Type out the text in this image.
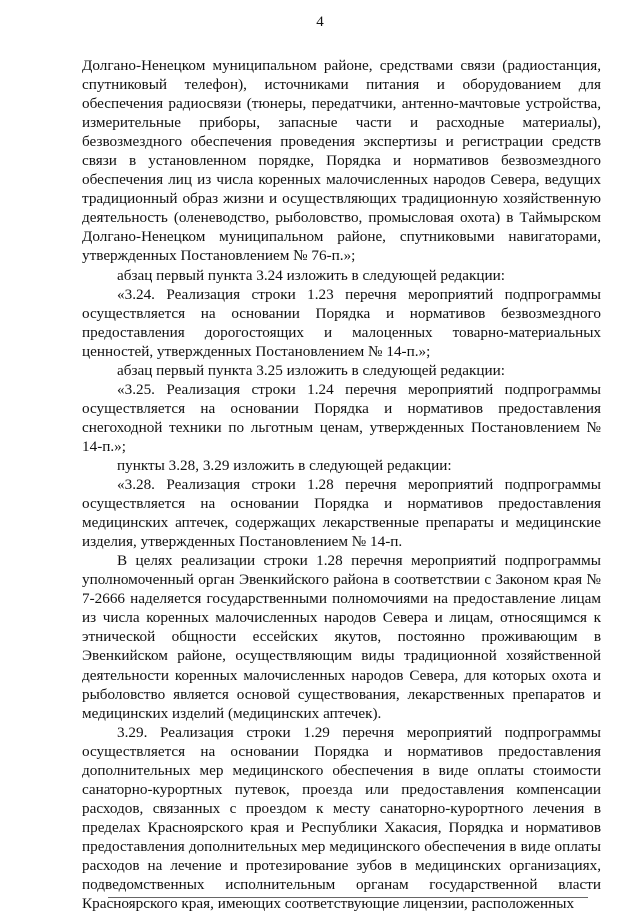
4

Долгано-Ненецком муниципальном районе, средствами связи (радиостанция, спутниковый телефон), источниками питания и оборудованием для обеспечения радиосвязи (тюнеры, передатчики, антенно-мачтовые устройства, измерительные приборы, запасные части и расходные материалы), безвозмездного обеспечения проведения экспертизы и регистрации средств связи в установленном порядке, Порядка и нормативов безвозмездного обеспечения лиц из числа коренных малочисленных народов Севера, ведущих традиционный образ жизни и осуществляющих традиционную хозяйственную деятельность (оленеводство, рыболовство, промысловая охота) в Таймырском Долгано-Ненецком муниципальном районе, спутниковыми навигаторами, утвержденных Постановлением № 76-п.»;

абзац первый пункта 3.24 изложить в следующей редакции:

«3.24. Реализация строки 1.23 перечня мероприятий подпрограммы осуществляется на основании Порядка и нормативов безвозмездного предоставления дорогостоящих и малоценных товарно-материальных ценностей, утвержденных Постановлением № 14-п.»;

абзац первый пункта 3.25 изложить в следующей редакции:

«3.25. Реализация строки 1.24 перечня мероприятий подпрограммы осуществляется на основании Порядка и нормативов предоставления снегоходной техники по льготным ценам, утвержденных Постановлением № 14-п.»;

пункты 3.28, 3.29 изложить в следующей редакции:

«3.28. Реализация строки 1.28 перечня мероприятий подпрограммы осуществляется на основании Порядка и нормативов предоставления медицинских аптечек, содержащих лекарственные препараты и медицинские изделия, утвержденных Постановлением № 14-п.

В целях реализации строки 1.28 перечня мероприятий подпрограммы уполномоченный орган Эвенкийского района в соответствии с Законом края № 7-2666 наделяется государственными полномочиями на предоставление лицам из числа коренных малочисленных народов Севера и лицам, относящимся к этнической общности ессейских якутов, постоянно проживающим в Эвенкийском районе, осуществляющим виды традиционной хозяйственной деятельности коренных малочисленных народов Севера, для которых охота и рыболовство является основой существования, лекарственных препаратов и медицинских изделий (медицинских аптечек).

3.29. Реализация строки 1.29 перечня мероприятий подпрограммы осуществляется на основании Порядка и нормативов предоставления дополнительных мер медицинского обеспечения в виде оплаты стоимости санаторно-курортных путевок, проезда или предоставления компенсации расходов, связанных с проездом к месту санаторно-курортного лечения в пределах Красноярского края и Республики Хакасия, Порядка и нормативов предоставления дополнительных мер медицинского обеспечения в виде оплаты расходов на лечение и протезирование зубов в медицинских организациях, подведомственных исполнительным органам государственной власти Красноярского края, имеющих соответствующие лицензии, расположенных
